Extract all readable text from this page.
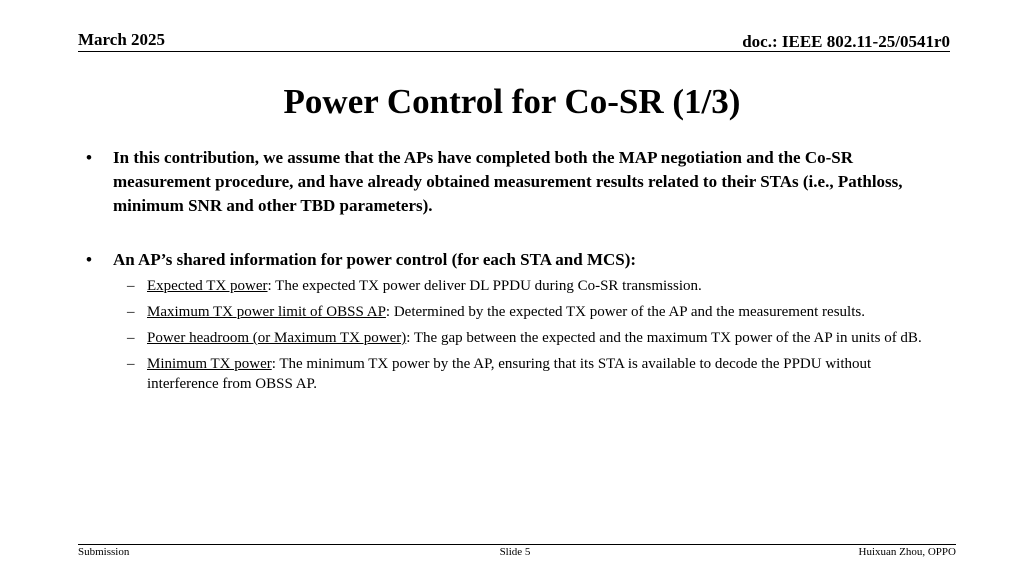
March 2025	doc.: IEEE 802.11-25/0541r0
Power Control for Co-SR (1/3)
• In this contribution, we assume that the APs have completed both the MAP negotiation and the Co-SR measurement procedure, and have already obtained measurement results related to their STAs (i.e., Pathloss, minimum SNR and other TBD parameters).
• An AP’s shared information for power control (for each STA and MCS):
– Expected TX power: The expected TX power deliver DL PPDU during Co-SR transmission.
– Maximum TX power limit of OBSS AP: Determined by the expected TX power of the AP and the measurement results.
– Power headroom (or Maximum TX power): The gap between the expected and the maximum TX power of the AP in units of dB.
– Minimum TX power: The minimum TX power by the AP, ensuring that its STA is available to decode the PPDU without interference from OBSS AP.
Submission	Slide 5	Huixuan Zhou, OPPO
